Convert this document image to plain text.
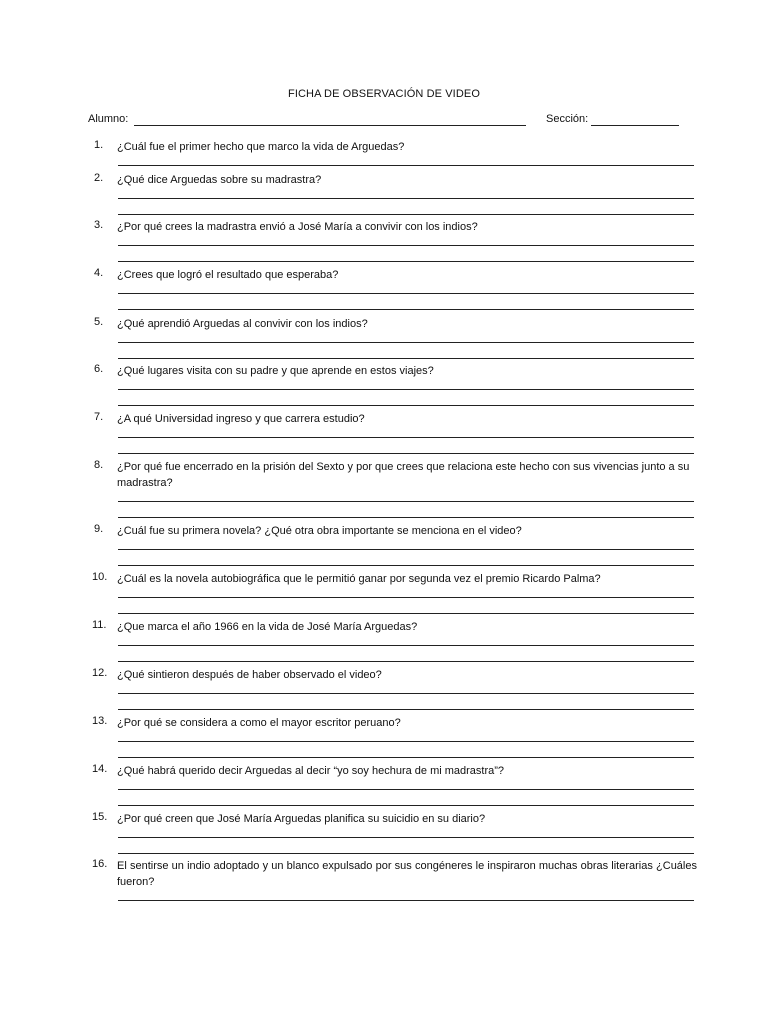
FICHA DE OBSERVACIÓN DE VIDEO
Alumno:	Sección:
1.	¿Cuál fue el primer hecho que marco la vida de Arguedas?
2.	¿Qué dice Arguedas sobre su madrastra?
3.	¿Por qué crees la madrastra envió a José María a convivir con los indios?
4.	¿Crees que logró el resultado que esperaba?
5.	¿Qué aprendió Arguedas al convivir con los indios?
6.	¿Qué lugares visita con su padre y que aprende en estos viajes?
7.	¿A qué Universidad ingreso y que carrera estudio?
8.	¿Por qué fue encerrado en la prisión del Sexto y por que crees que relaciona este hecho con sus vivencias junto a su madrastra?
9.	¿Cuál fue su primera novela? ¿Qué otra obra importante se menciona en el video?
10. ¿Cuál es la novela autobiográfica que le permitió ganar por segunda vez el premio Ricardo Palma?
11. ¿Que marca el año 1966 en la vida de José María Arguedas?
12. ¿Qué sintieron después de haber observado el video?
13. ¿Por qué se considera a como el mayor escritor peruano?
14. ¿Qué habrá querido decir Arguedas al decir “yo soy hechura de mi madrastra”?
15. ¿Por qué creen que José María Arguedas planifica su suicidio en su diario?
16. El sentirse un indio adoptado y un blanco expulsado por sus congéneres le inspiraron muchas obras literarias ¿Cuáles fueron?
